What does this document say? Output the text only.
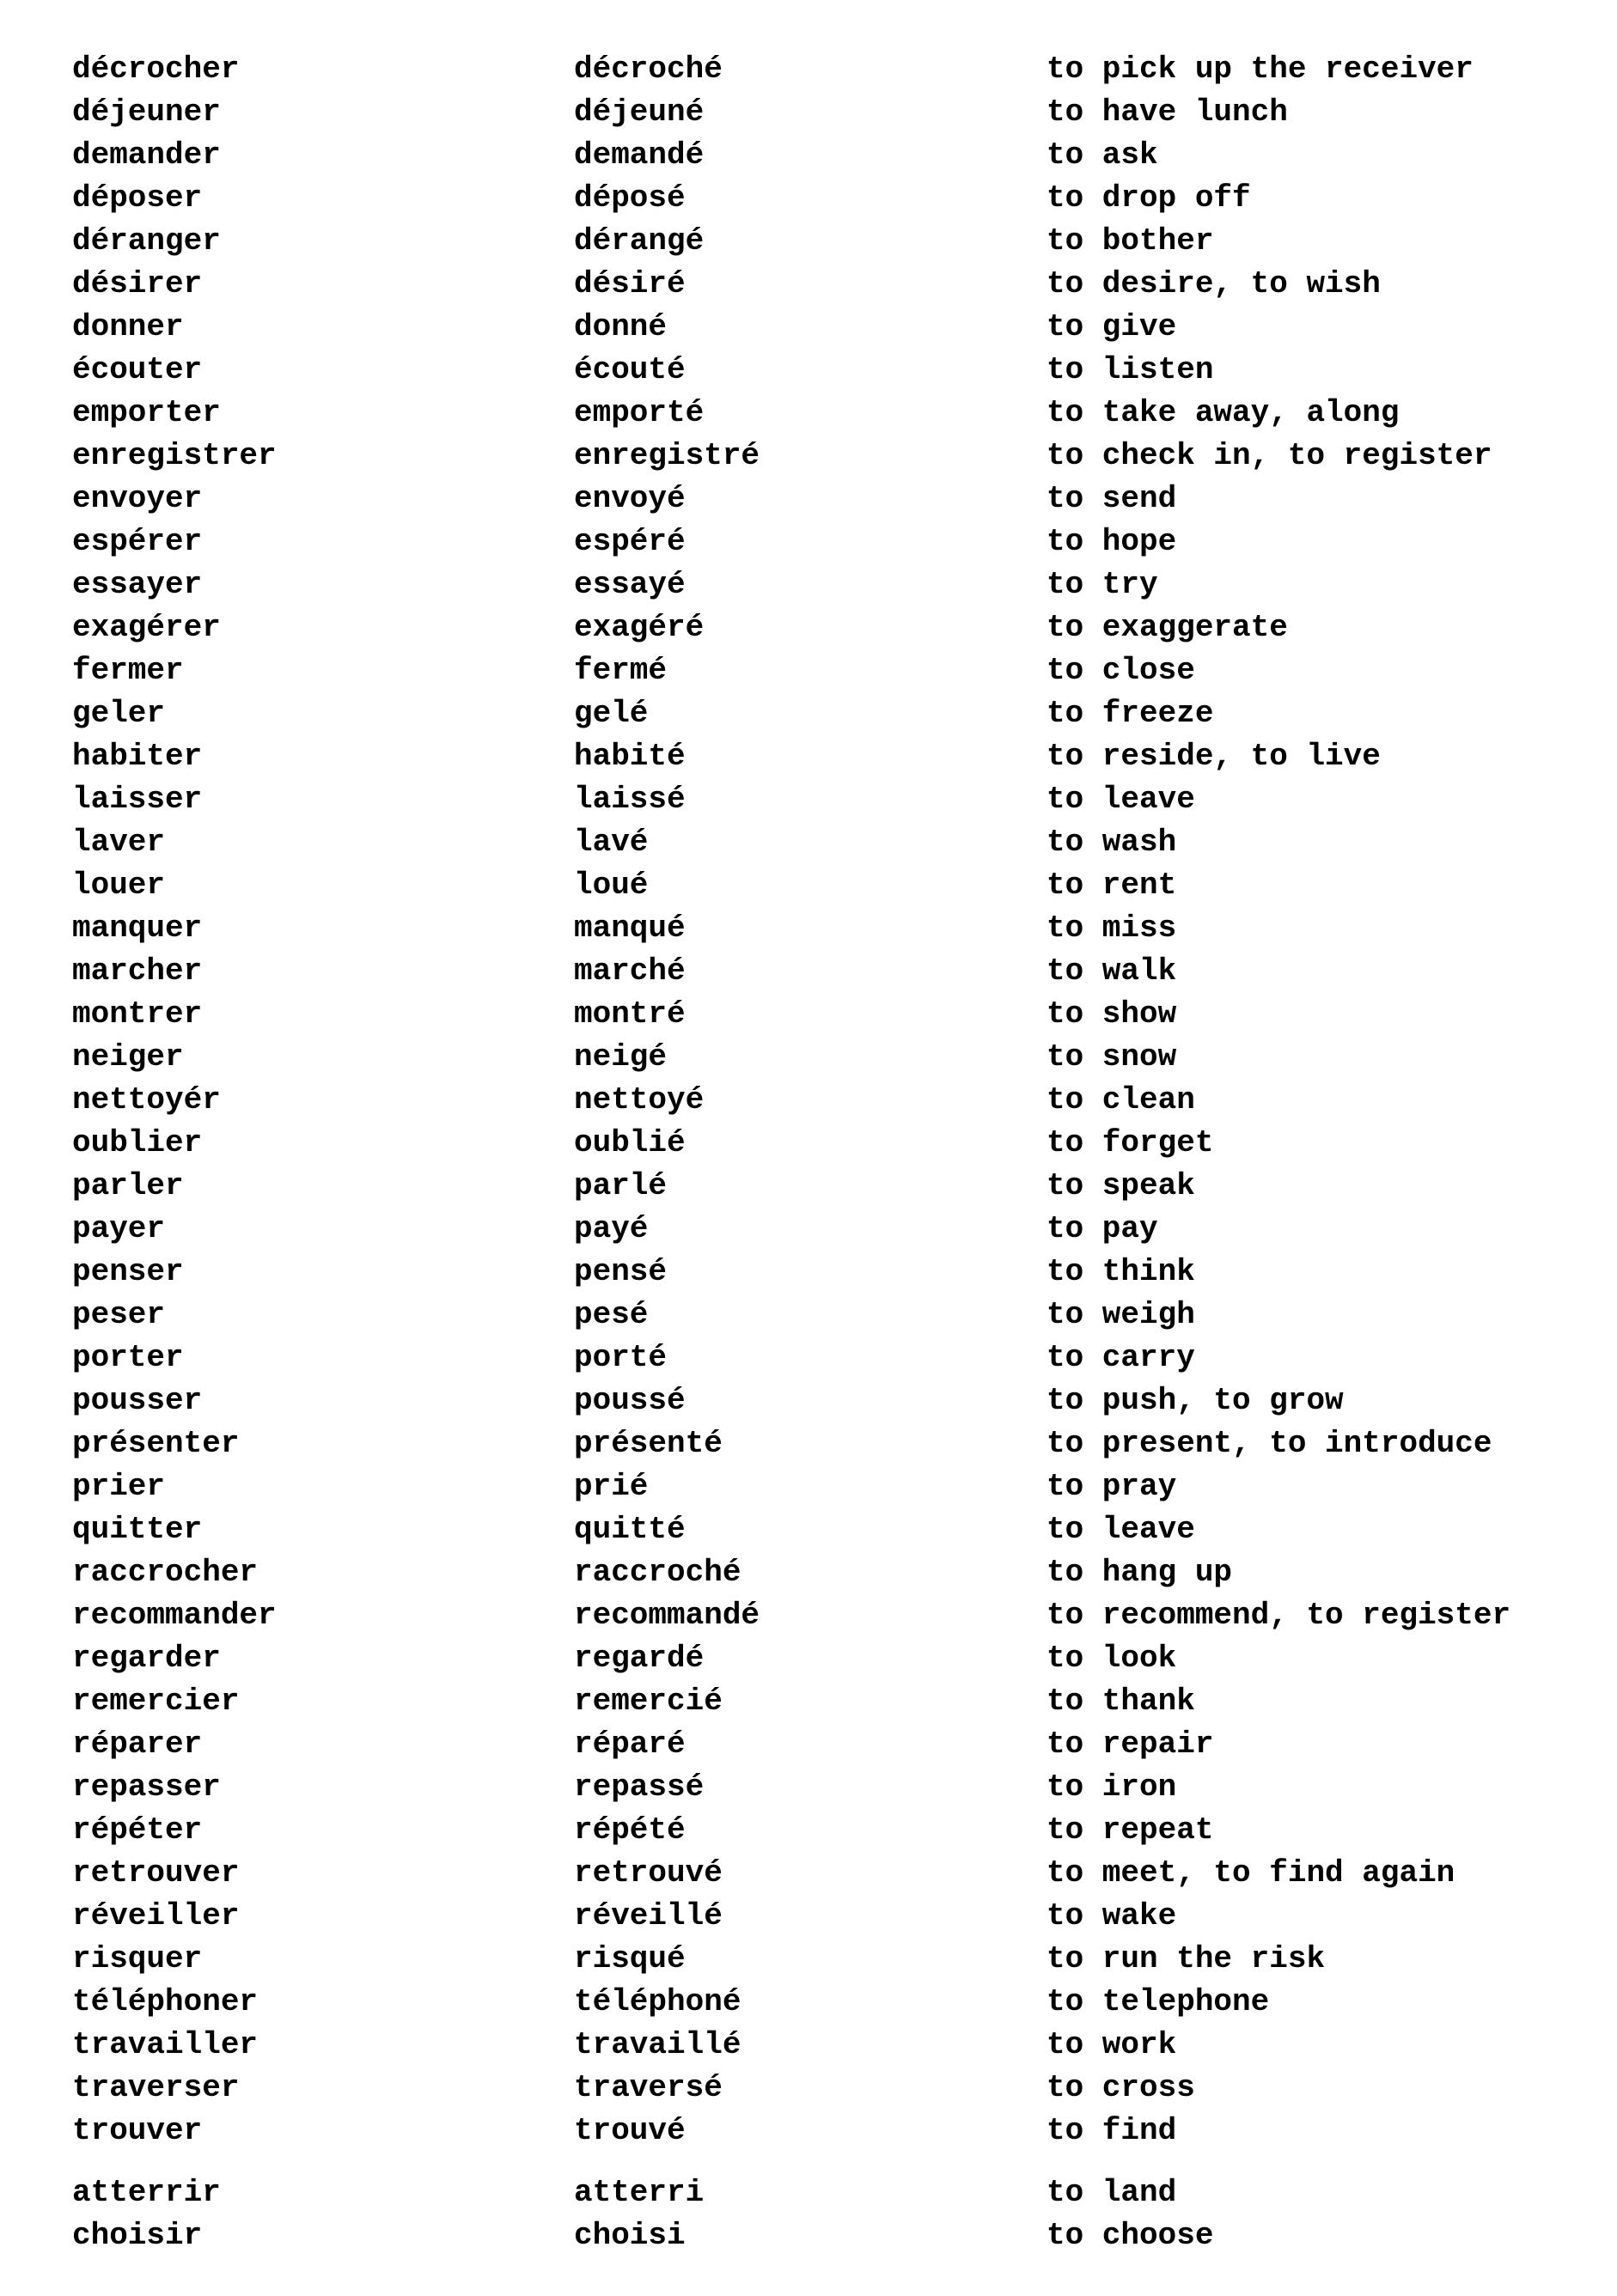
décrocher	décroché	to pick up the receiver
déjeuner	déjeuné	to have lunch
demander	demandé	to ask
déposer	déposé	to drop off
déranger	dérangé	to bother
désirer	désiré	to desire, to wish
donner	donné	to give
écouter	écouté	to listen
emporter	emporté	to take away, along
enregistrer	enregistré	to check in, to register
envoyer	envoyé	to send
espérer	espéré	to hope
essayer	essayé	to try
exagérer	exagéré	to exaggerate
fermer	fermé	to close
geler	gelé	to freeze
habiter	habité	to reside, to live
laisser	laissé	to leave
laver	lavé	to wash
louer	loué	to rent
manquer	manqué	to miss
marcher	marché	to walk
montrer	montré	to show
neiger	neigé	to snow
nettoyér	nettoyé	to clean
oublier	oublié	to forget
parler	parlé	to speak
payer	payé	to pay
penser	pensé	to think
peser	pesé	to weigh
porter	porté	to carry
pousser	poussé	to push, to grow
présenter	présenté	to present, to introduce
prier	prié	to pray
quitter	quitté	to leave
raccrocher	raccroché	to hang up
recommander	recommandé	to recommend, to register
regarder	regardé	to look
remercier	remercié	to thank
réparer	réparé	to repair
repasser	repassé	to iron
répéter	répété	to repeat
retrouver	retrouvé	to meet, to find again
réveiller	réveillé	to wake
risquer	risqué	to run the risk
téléphoner	téléphoné	to telephone
travailler	travaillé	to work
traverser	traversé	to cross
trouver	trouvé	to find
atterrir	atterri	to land
choisir	choisi	to choose
